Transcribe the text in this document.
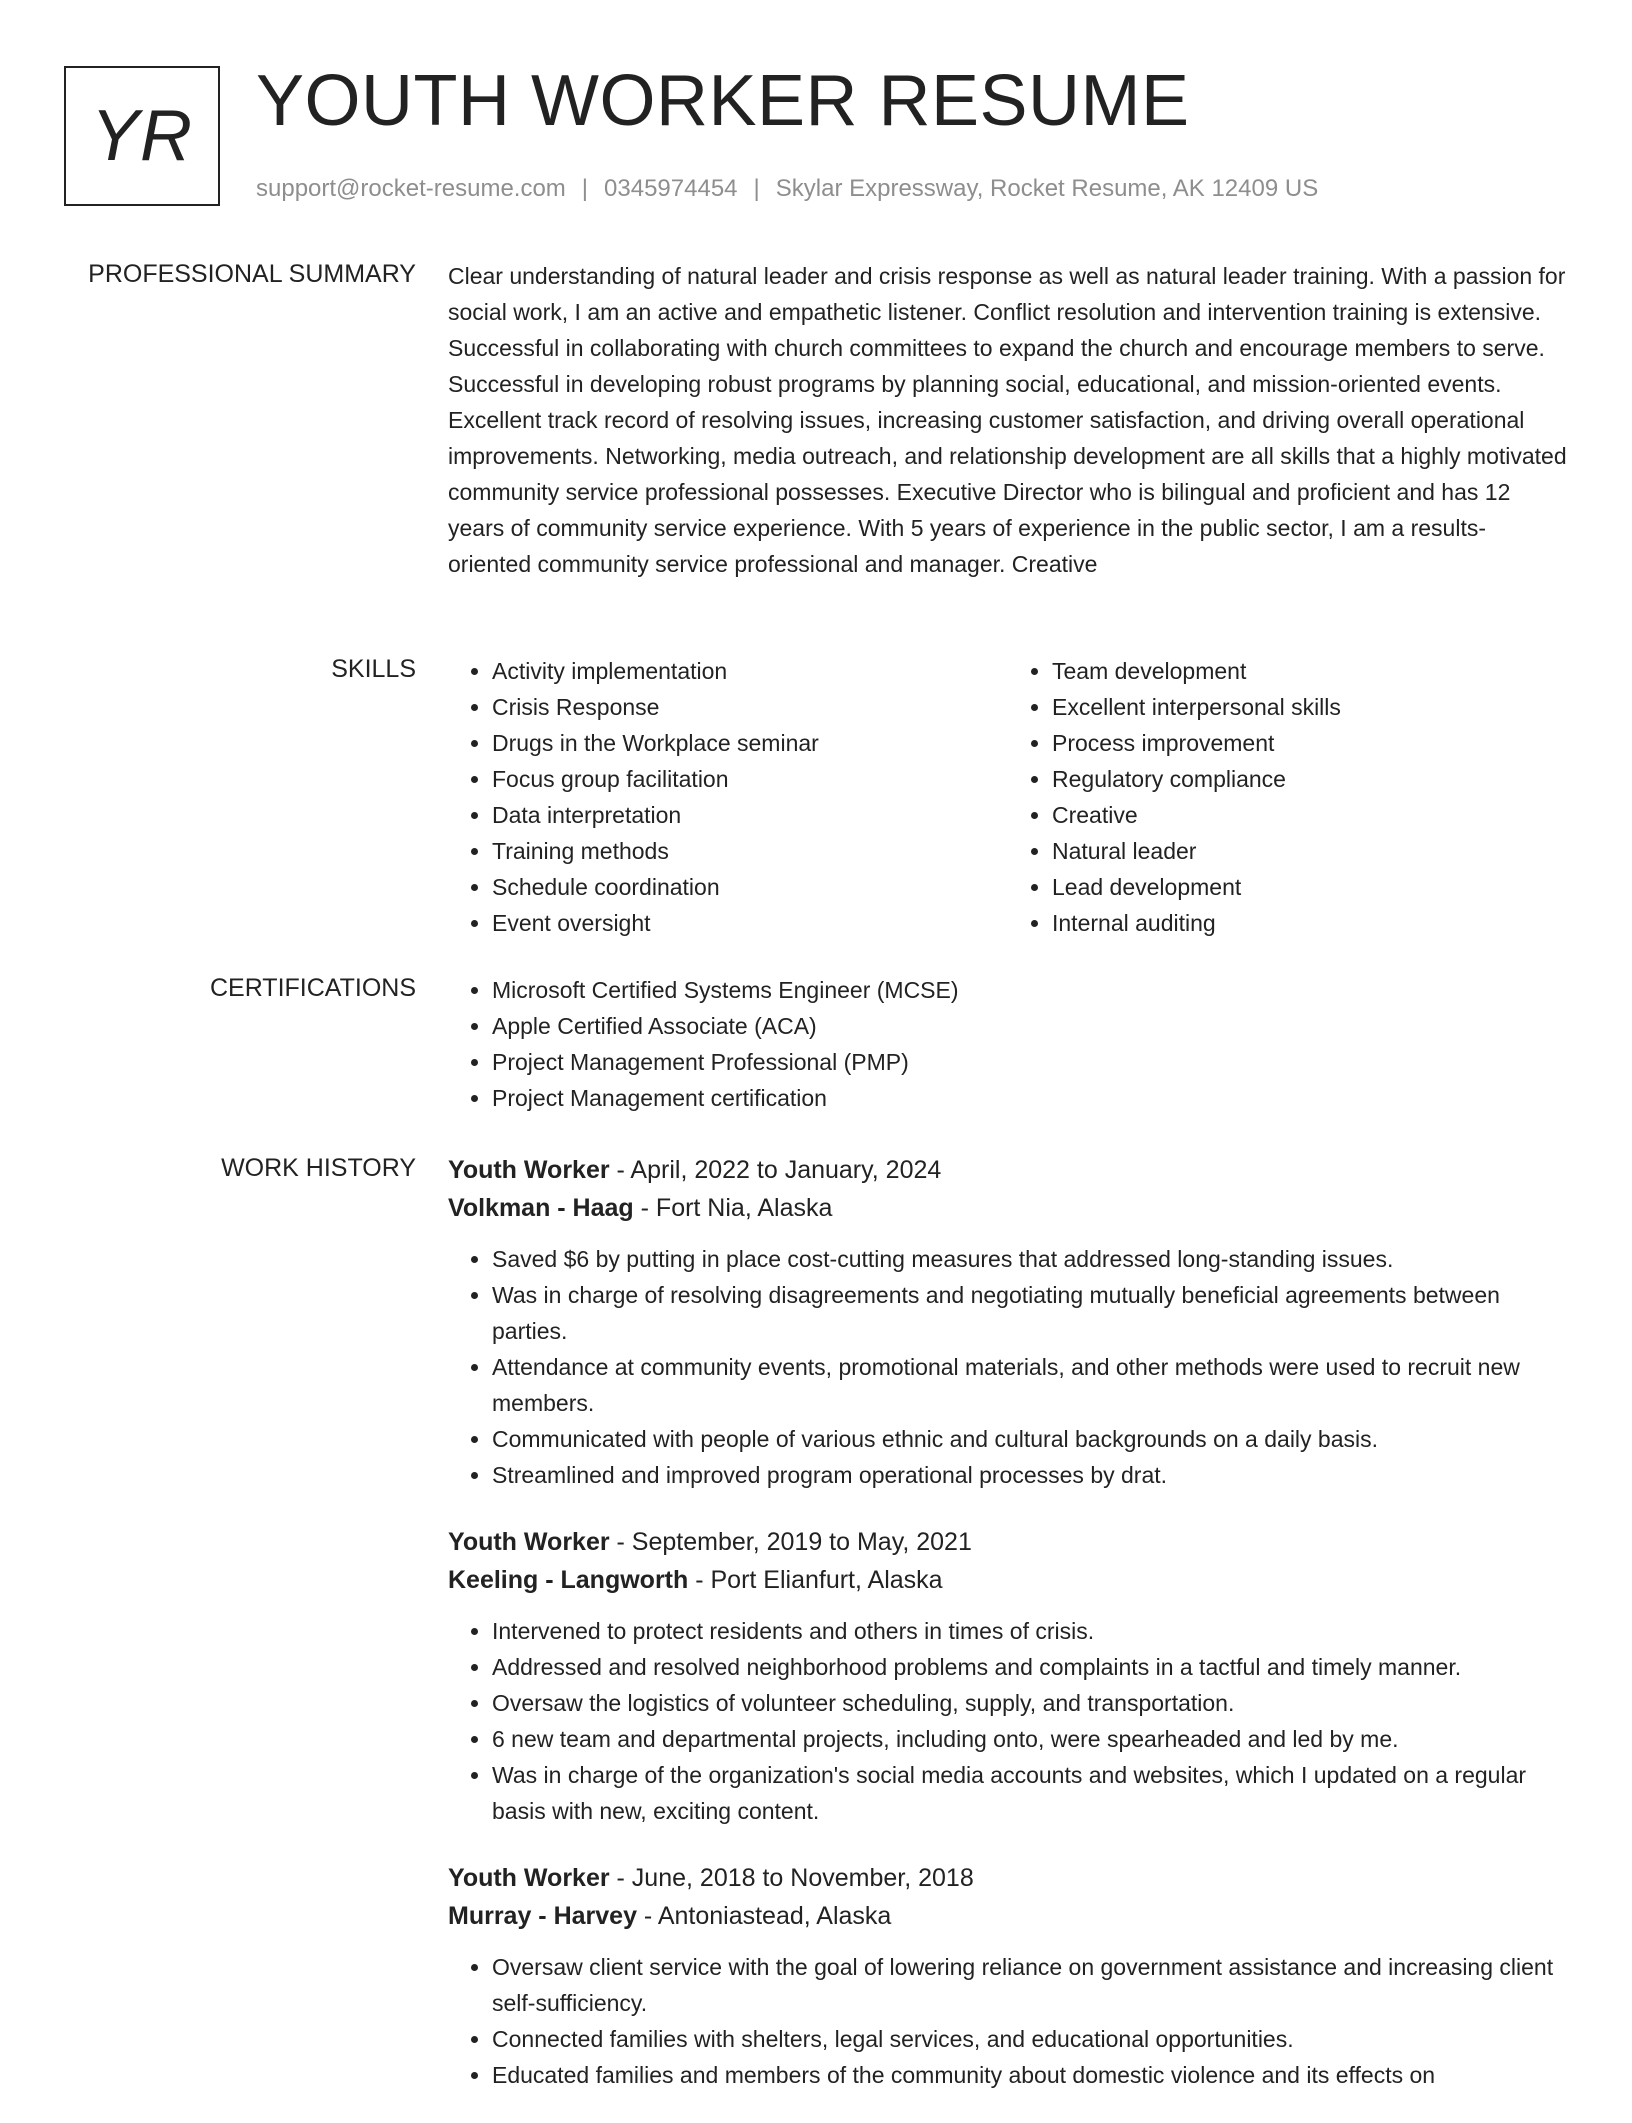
YR YOUTH WORKER RESUME
support@rocket-resume.com | 0345974454 | Skylar Expressway, Rocket Resume, AK 12409 US
PROFESSIONAL SUMMARY Clear understanding of natural leader and crisis response as well as natural leader training. With a passion for social work, I am an active and empathetic listener. Conflict resolution and intervention training is extensive. Successful in collaborating with church committees to expand the church and encourage members to serve. Successful in developing robust programs by planning social, educational, and mission-oriented events. Excellent track record of resolving issues, increasing customer satisfaction, and driving overall operational improvements. Networking, media outreach, and relationship development are all skills that a highly motivated community service professional possesses. Executive Director who is bilingual and proficient and has 12 years of community service experience. With 5 years of experience in the public sector, I am a results-oriented community service professional and manager. Creative

SKILLS	• Activity implementation
• Crisis Response
• Drugs in the Workplace seminar
• Focus group facilitation
• Data interpretation
• Training methods
• Schedule coordination
• Event oversight
• Team development
• Excellent interpersonal skills
• Process improvement
• Regulatory compliance
• Creative
• Natural leader
• Lead development
• Internal auditing
CERTIFICATIONS	• Microsoft Certified Systems Engineer (MCSE)
• Apple Certified Associate (ACA)
• Project Management Professional (PMP)
• Project Management certification
WORK HISTORY Youth Worker - April, 2022 to January, 2024
Volkman - Haag - Fort Nia, Alaska
• Saved $6 by putting in place cost-cutting measures that addressed long-standing issues.
• Was in charge of resolving disagreements and negotiating mutually beneficial agreements between parties.
• Attendance at community events, promotional materials, and other methods were used to recruit new members.
• Communicated with people of various ethnic and cultural backgrounds on a daily basis.
• Streamlined and improved program operational processes by drat.
Youth Worker - September, 2019 to May, 2021
Keeling - Langworth - Port Elianfurt, Alaska
• Intervened to protect residents and others in times of crisis.
• Addressed and resolved neighborhood problems and complaints in a tactful and timely manner.
• Oversaw the logistics of volunteer scheduling, supply, and transportation.
• 6 new team and departmental projects, including onto, were spearheaded and led by me.
• Was in charge of the organization's social media accounts and websites, which I updated on a regular basis with new, exciting content.
Youth Worker - June, 2018 to November, 2018
Murray - Harvey - Antoniastead, Alaska
• Oversaw client service with the goal of lowering reliance on government assistance and increasing client self-sufficiency.
• Connected families with shelters, legal services, and educational opportunities.
• Educated families and members of the community about domestic violence and its effects on
